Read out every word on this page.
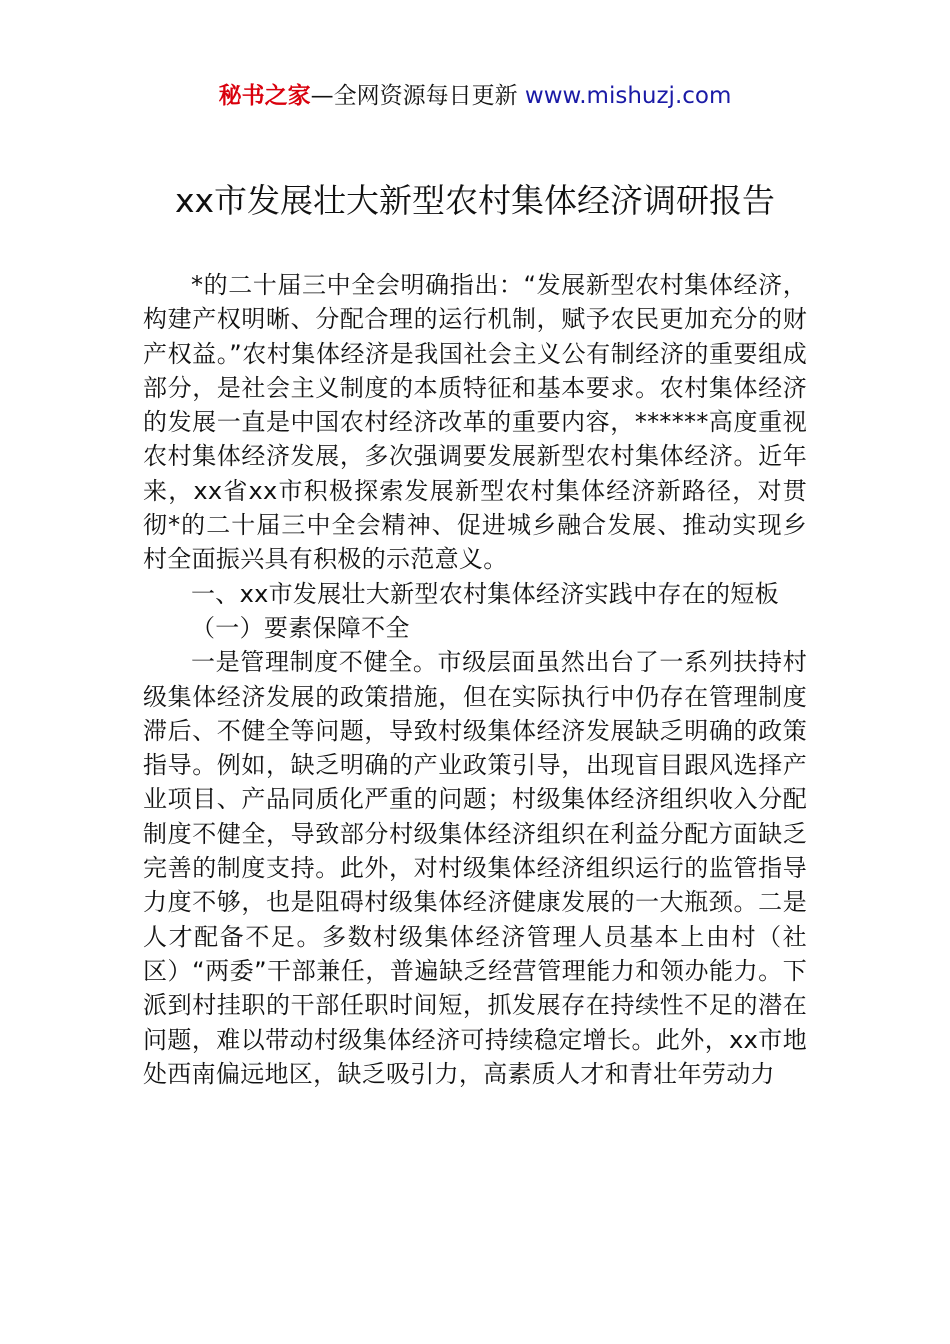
秘书之家—全网资源每日更新 www.mishuzj.com
xx市发展壮大新型农村集体经济调研报告

*的二十届三中全会明确指出：“发展新型农村集体经济，构建产权明晰、分配合理的运行机制，赋予农民更加充分的财产权益。”农村集体经济是我国社会主义公有制经济的重要组成部分，是社会主义制度的本质特征和基本要求。农村集体经济的发展一直是中国农村经济改革的重要内容，******高度重视农村集体经济发展，多次强调要发展新型农村集体经济。近年来，xx省xx市积极探索发展新型农村集体经济新路径，对贯彻*的二十届三中全会精神、促进城乡融合发展、推动实现乡村全面振兴具有积极的示范意义。

一、xx市发展壮大新型农村集体经济实践中存在的短板

（一）要素保障不全

一是管理制度不健全。市级层面虽然出台了一系列扶持村级集体经济发展的政策措施，但在实际执行中仍存在管理制度滞后、不健全等问题，导致村级集体经济发展缺乏明确的政策指导。例如，缺乏明确的产业政策引导，出现盲目跟风选择产业项目、产品同质化严重的问题；村级集体经济组织收入分配制度不健全，导致部分村级集体经济组织在利益分配方面缺乏完善的制度支持。此外，对村级集体经济组织运行的监管指导力度不够，也是阻碍村级集体经济健康发展的一大瓶颈。二是人才配备不足。多数村级集体经济管理人员基本上由村（社区）“两委”干部兼任，普遍缺乏经营管理能力和领办能力。下派到村挂职的干部任职时间短，抓发展存在持续性不足的潜在问题，难以带动村级集体经济可持续稳定增长。此外，xx市地处西南偏远地区，缺乏吸引力，高素质人才和青壮年劳动力
